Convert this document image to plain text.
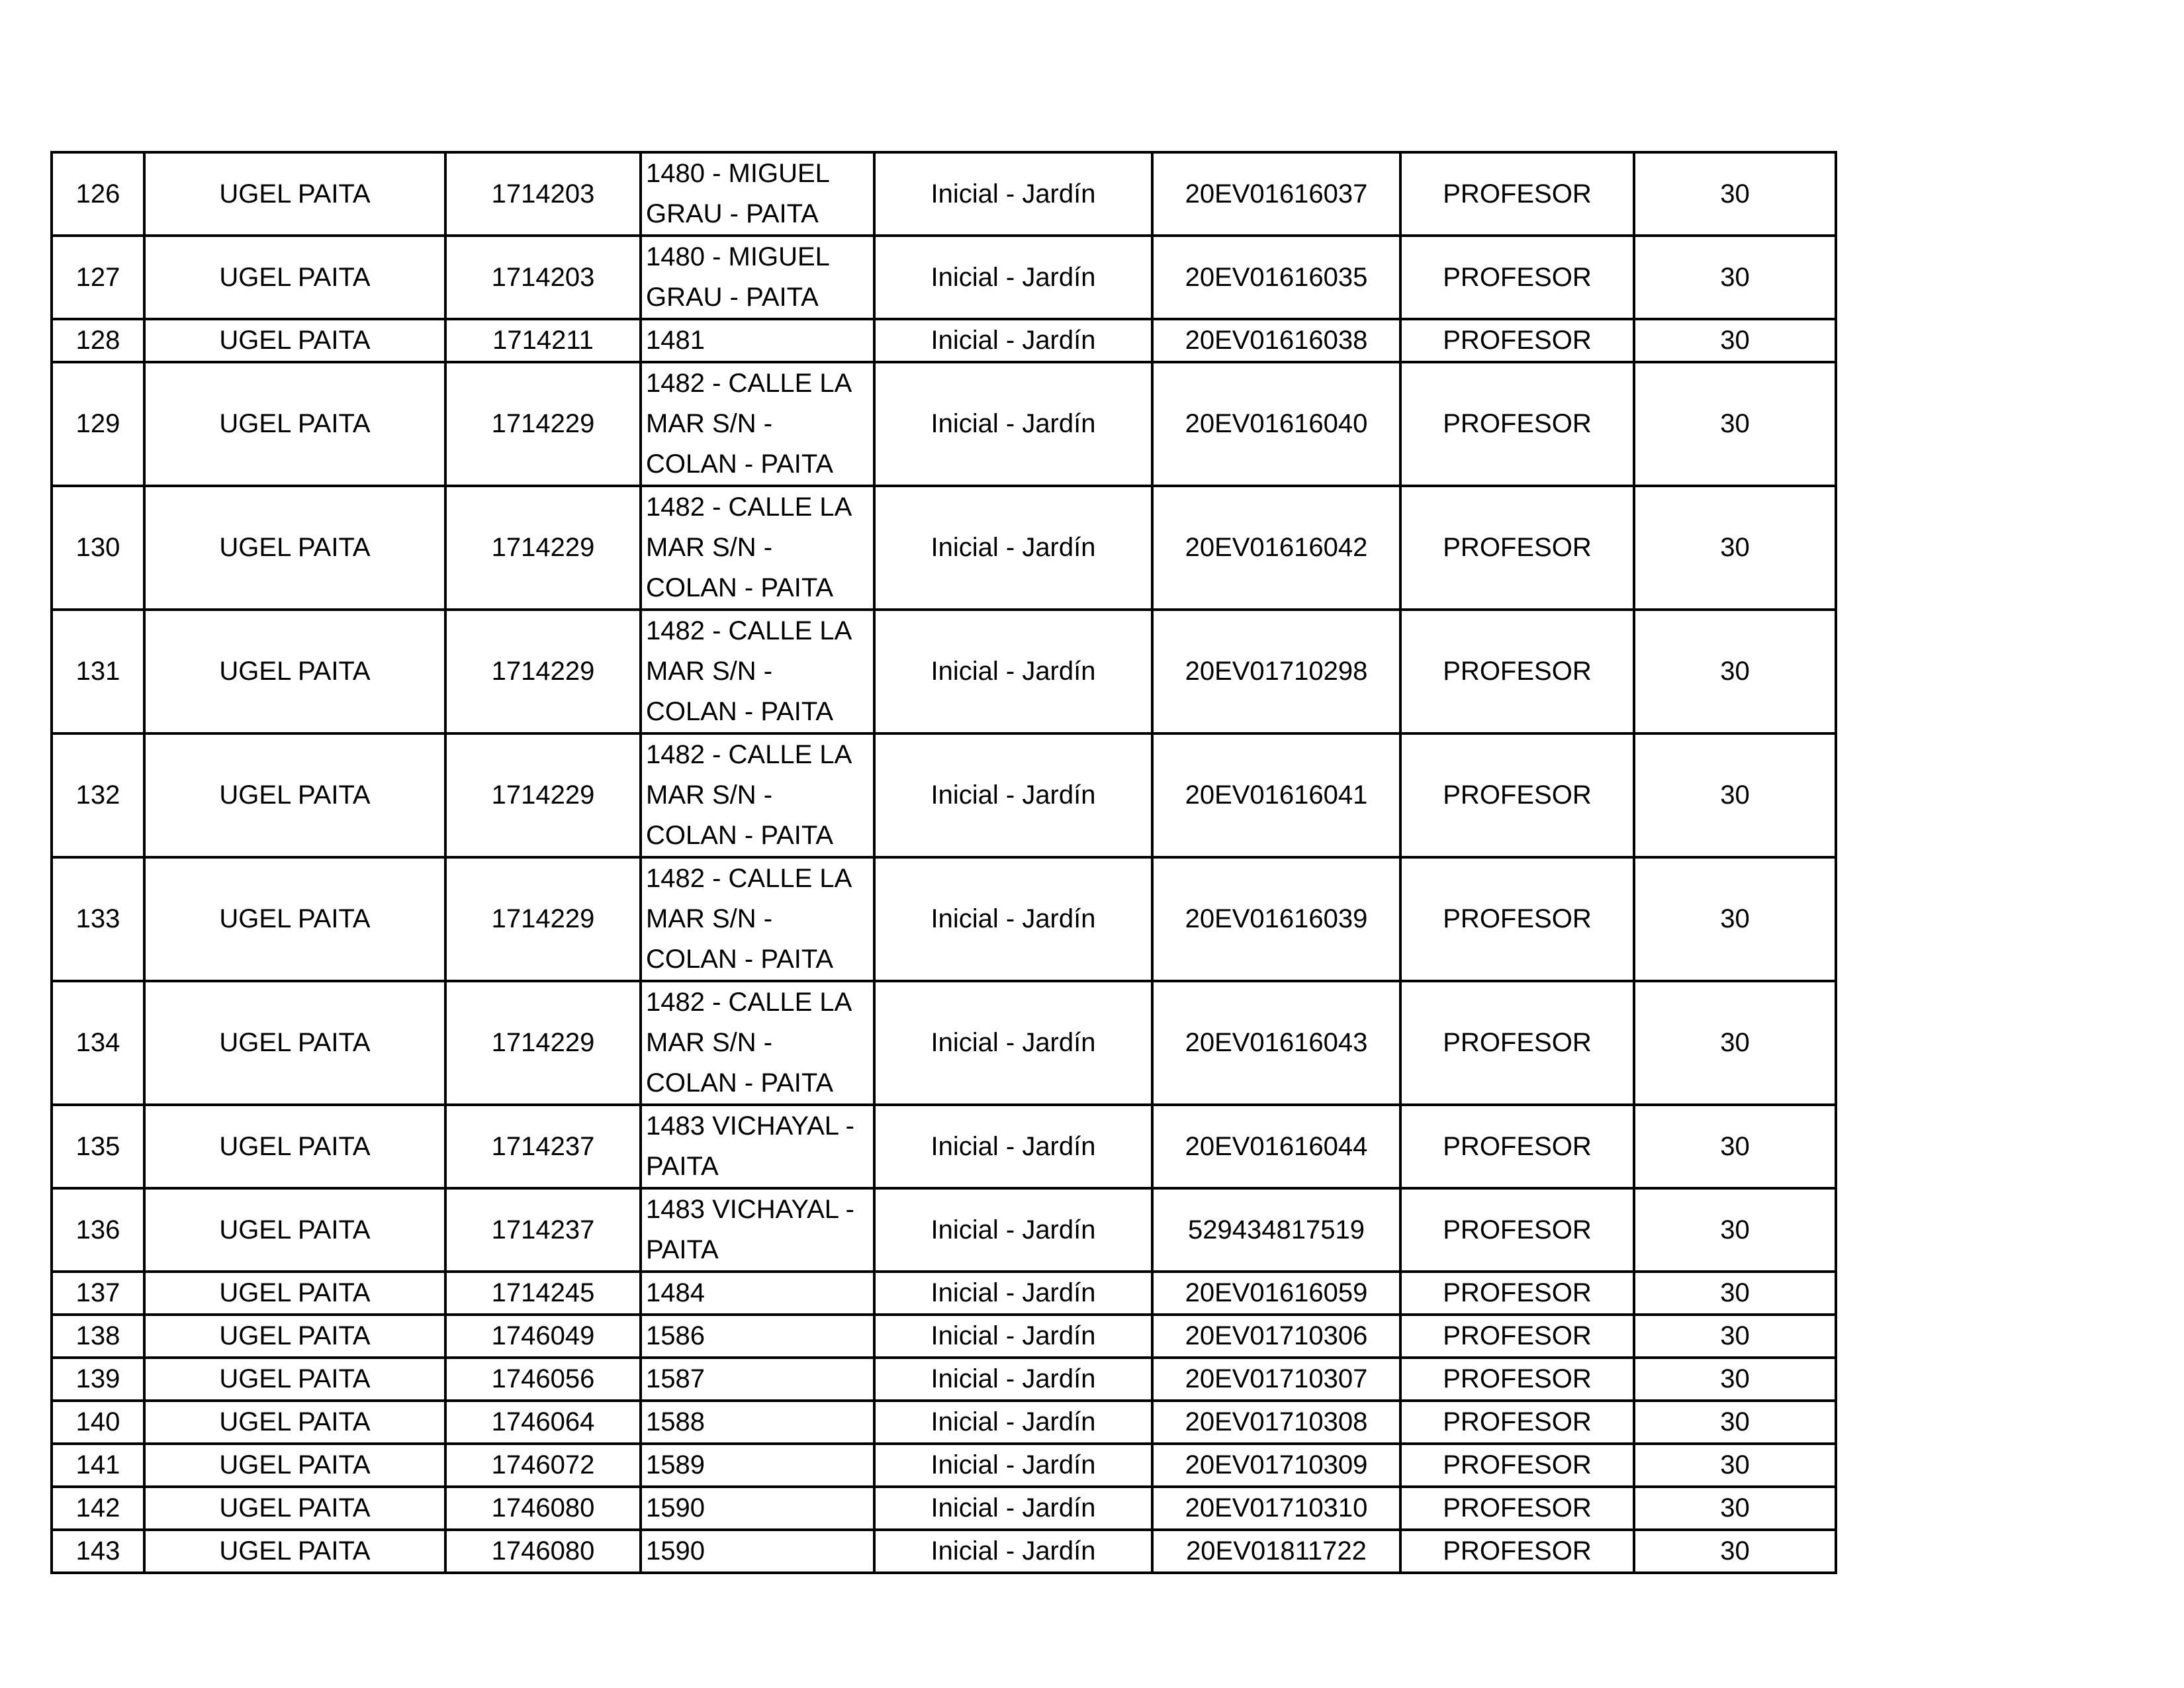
126	UGEL PAITA	1714203	1480 - MIGUEL
GRAU - PAITA	Inicial - Jardín	20EV01616037	PROFESOR	30
127	UGEL PAITA	1714203	1480 - MIGUEL
GRAU - PAITA	Inicial - Jardín	20EV01616035	PROFESOR	30
128	UGEL PAITA	1714211	1481	Inicial - Jardín	20EV01616038	PROFESOR	30
129	UGEL PAITA	1714229	1482 - CALLE LA
MAR S/N -
COLAN - PAITA	Inicial - Jardín	20EV01616040	PROFESOR	30
130	UGEL PAITA	1714229	1482 - CALLE LA
MAR S/N -
COLAN - PAITA	Inicial - Jardín	20EV01616042	PROFESOR	30
131	UGEL PAITA	1714229	1482 - CALLE LA
MAR S/N -
COLAN - PAITA	Inicial - Jardín	20EV01710298	PROFESOR	30
132	UGEL PAITA	1714229	1482 - CALLE LA
MAR S/N -
COLAN - PAITA	Inicial - Jardín	20EV01616041	PROFESOR	30
133	UGEL PAITA	1714229	1482 - CALLE LA
MAR S/N -
COLAN - PAITA	Inicial - Jardín	20EV01616039	PROFESOR	30
134	UGEL PAITA	1714229	1482 - CALLE LA
MAR S/N -
COLAN - PAITA	Inicial - Jardín	20EV01616043	PROFESOR	30
135	UGEL PAITA	1714237	1483 VICHAYAL -
PAITA	Inicial - Jardín	20EV01616044	PROFESOR	30
136	UGEL PAITA	1714237	1483 VICHAYAL -
PAITA	Inicial - Jardín	529434817519	PROFESOR	30
137	UGEL PAITA	1714245	1484	Inicial - Jardín	20EV01616059	PROFESOR	30
138	UGEL PAITA	1746049	1586	Inicial - Jardín	20EV01710306	PROFESOR	30
139	UGEL PAITA	1746056	1587	Inicial - Jardín	20EV01710307	PROFESOR	30
140	UGEL PAITA	1746064	1588	Inicial - Jardín	20EV01710308	PROFESOR	30
141	UGEL PAITA	1746072	1589	Inicial - Jardín	20EV01710309	PROFESOR	30
142	UGEL PAITA	1746080	1590	Inicial - Jardín	20EV01710310	PROFESOR	30
143	UGEL PAITA	1746080	1590	Inicial - Jardín	20EV01811722	PROFESOR	30
